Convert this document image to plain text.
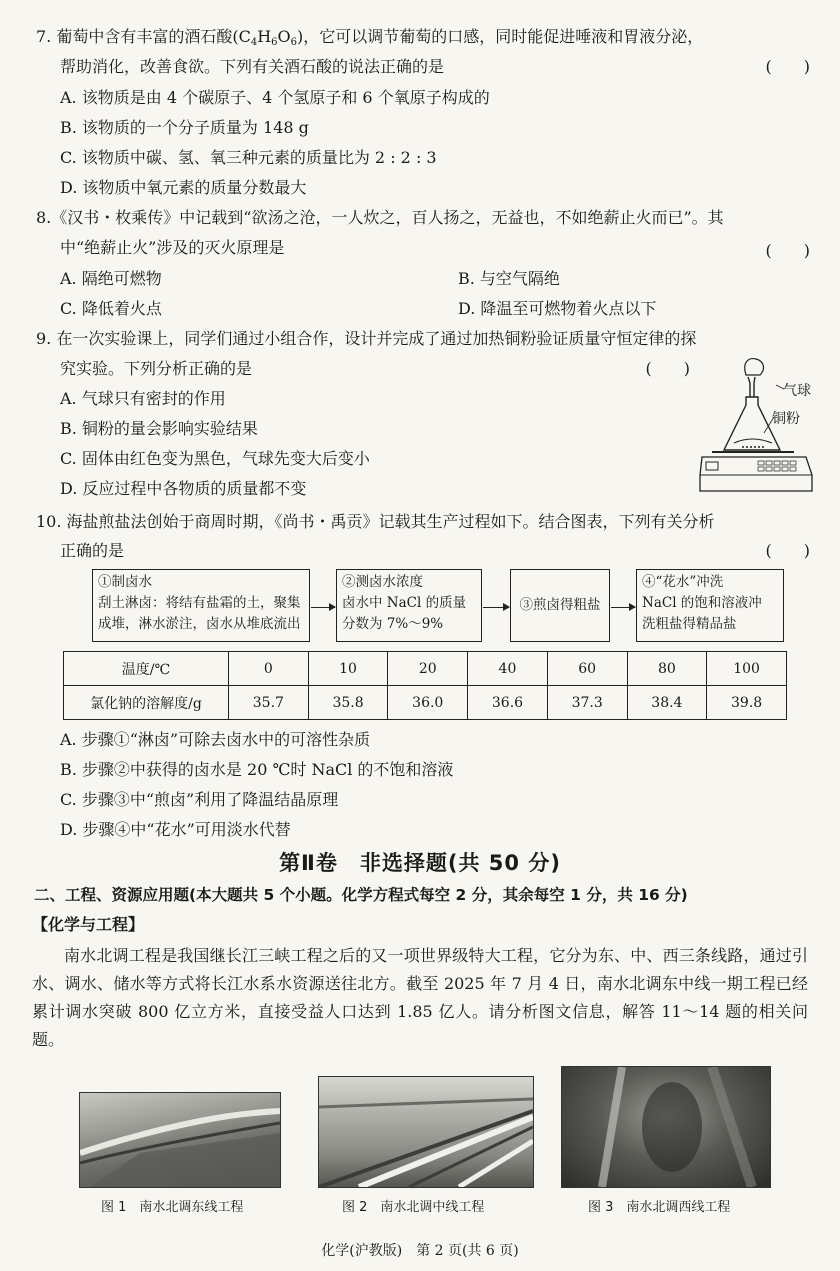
7. 葡萄中含有丰富的酒石酸$(C_4H_6O_6)$，它可以调节葡萄的口感，同时能促进唾液和胃液分泌，
帮助消化，改善食欲。下列有关酒石酸的说法正确的是	(　　)
A. 该物质是由 4 个碳原子、4 个氢原子和 6 个氧原子构成的
B. 该物质的一个分子质量为 148 g
C. 该物质中碳、氢、氧三种元素的质量比为 2 : 2 : 3
D. 该物质中氧元素的质量分数最大
8.《汉书・枚乘传》中记载到“欲汤之沧，一人炊之，百人扬之，无益也，不如绝薪止火而已”。其
中“绝薪止火”涉及的灭火原理是	(　　)
A. 隔绝可燃物	B. 与空气隔绝
C. 降低着火点	D. 降温至可燃物着火点以下
9. 在一次实验课上，同学们通过小组合作，设计并完成了通过加热铜粉验证质量守恒定律的探
究实验。下列分析正确的是	(　　)
A. 气球只有密封的作用
B. 铜粉的量会影响实验结果
C. 固体由红色变为黑色，气球先变大后变小
D. 反应过程中各物质的质量都不变
气球
铜粉
10. 海盐煎盐法创始于商周时期，《尚书・禹贡》记载其生产过程如下。结合图表，下列有关分析
正确的是	(　　)
①制卤水
刮土淋卤：将结有盐霜的土，聚集
成堆，淋水淤注，卤水从堆底流出
②测卤水浓度
卤水中 NaCl 的质量
分数为 7%～9%
③煎卤得粗盐
④“花水”冲洗
NaCl 的饱和溶液冲
洗粗盐得精品盐
温度/℃	0	10	20	40	60	80	100
氯化钠的溶解度/g	35.7	35.8	36.0	36.6	37.3	38.4	39.8
A. 步骤①“淋卤”可除去卤水中的可溶性杂质
B. 步骤②中获得的卤水是 20 ℃时 NaCl 的不饱和溶液
C. 步骤③中“煎卤”利用了降温结晶原理
D. 步骤④中“花水”可用淡水代替
第Ⅱ卷　非选择题(共 50 分)
二、工程、资源应用题(本大题共 5 个小题。化学方程式每空 2 分，其余每空 1 分，共 16 分)
【化学与工程】
南水北调工程是我国继长江三峡工程之后的又一项世界级特大工程，它分为东、中、西三条线路，通过引水、调水、储水等方式将长江水系水资源送往北方。截至 2025 年 7 月 4 日，南水北调东中线一期工程已经累计调水突破 800 亿立方米，直接受益人口达到 1.85 亿人。请分析图文信息，解答 11～14 题的相关问题。
图 1　南水北调东线工程	图 2　南水北调中线工程	图 3　南水北调西线工程
化学(沪教版)　第 2 页(共 6 页)
